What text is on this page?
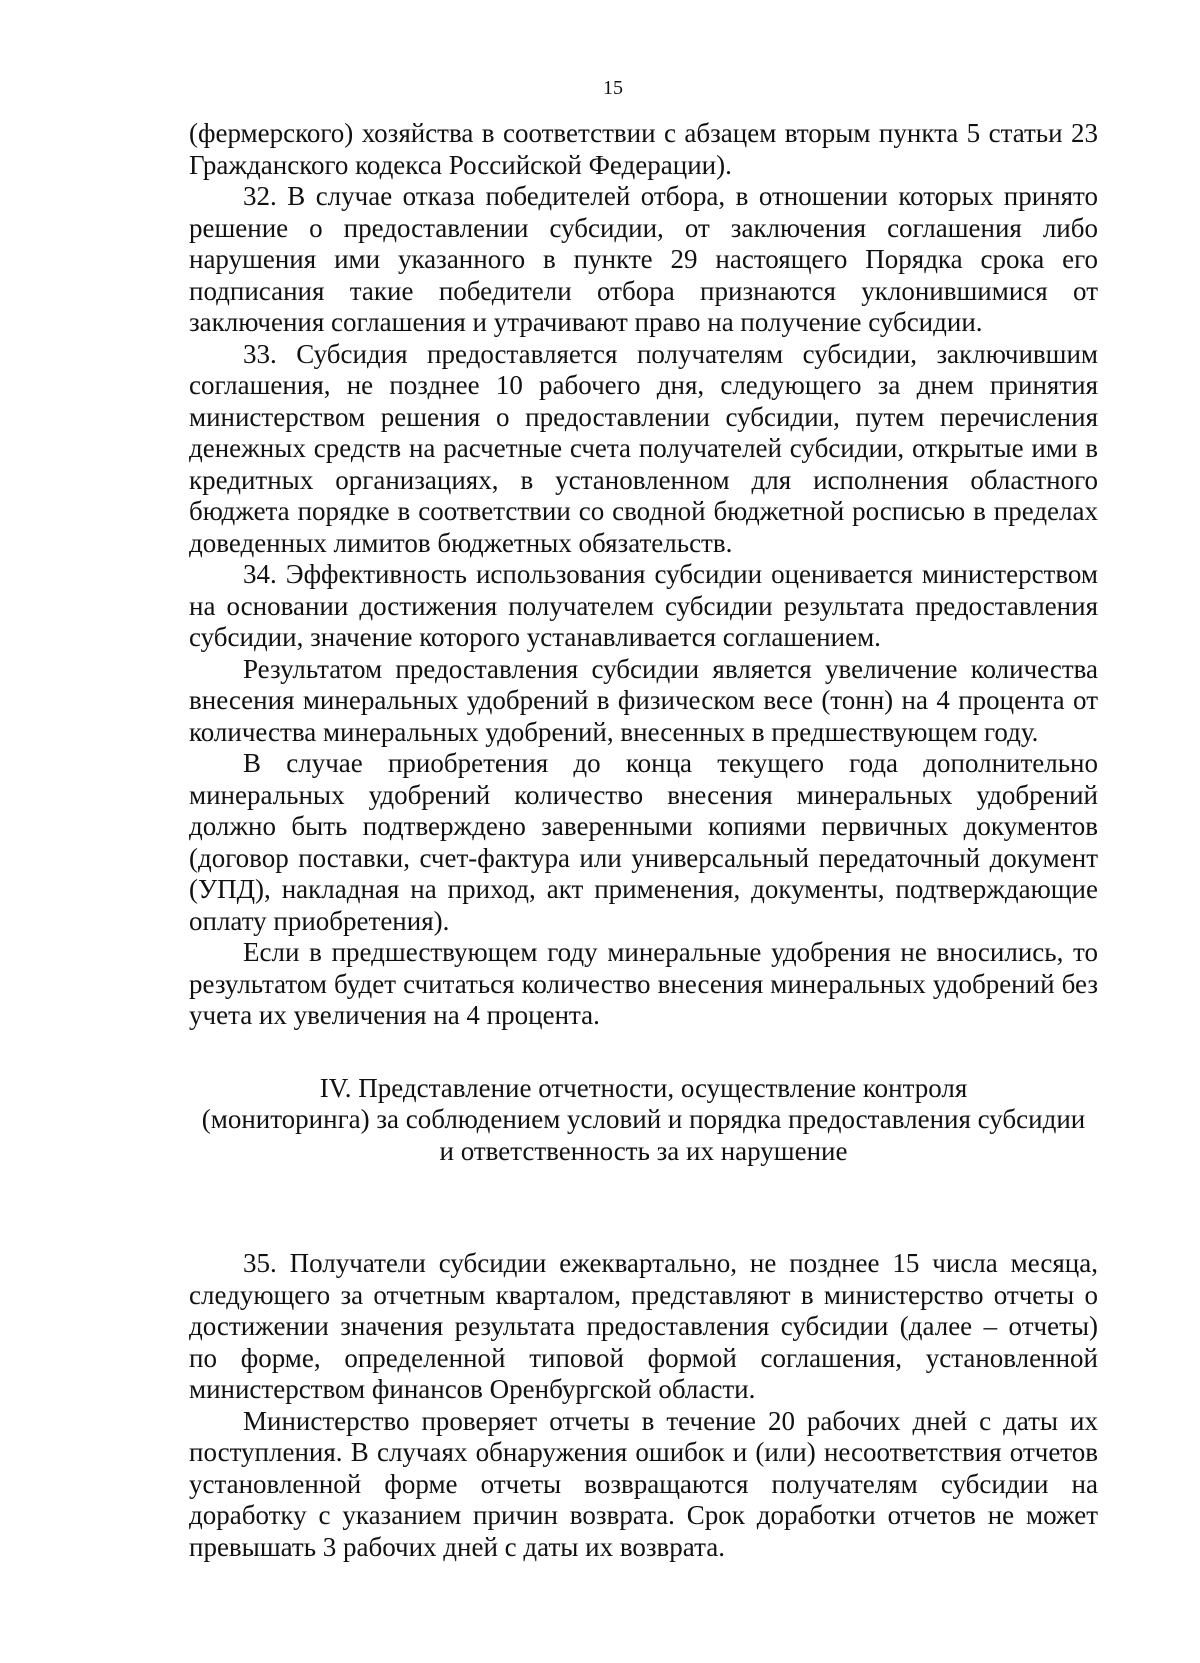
15

(фермерского) хозяйства в соответствии с абзацем вторым пункта 5 статьи 23 Гражданского кодекса Российской Федерации).

32. В случае отказа победителей отбора, в отношении которых принято решение о предоставлении субсидии, от заключения соглашения либо нарушения ими указанного в пункте 29 настоящего Порядка срока его подписания такие победители отбора признаются уклонившимися от заключения соглашения и утрачивают право на получение субсидии.

33. Субсидия предоставляется получателям субсидии, заключившим соглашения, не позднее 10 рабочего дня, следующего за днем принятия министерством решения о предоставлении субсидии, путем перечисления денежных средств на расчетные счета получателей субсидии, открытые ими в кредитных организациях, в установленном для исполнения областного бюджета порядке в соответствии со сводной бюджетной росписью в пределах доведенных лимитов бюджетных обязательств.

34. Эффективность использования субсидии оценивается министерством на основании достижения получателем субсидии результата предоставления субсидии, значение которого устанавливается соглашением.

Результатом предоставления субсидии является увеличение количества внесения минеральных удобрений в физическом весе (тонн) на 4 процента от количества минеральных удобрений, внесенных в предшествующем году.

В случае приобретения до конца текущего года дополнительно минеральных удобрений количество внесения минеральных удобрений должно быть подтверждено заверенными копиями первичных документов (договор поставки, счет-фактура или универсальный передаточный документ (УПД), накладная на приход, акт применения, документы, подтверждающие оплату приобретения).

Если в предшествующем году минеральные удобрения не вносились, то результатом будет считаться количество внесения минеральных удобрений без учета их увеличения на 4 процента.

IV. Представление отчетности, осуществление контроля
(мониторинга) за соблюдением условий и порядка предоставления субсидии
и ответственность за их нарушение

35. Получатели субсидии ежеквартально, не позднее 15 числа месяца, следующего за отчетным кварталом, представляют в министерство отчеты о достижении значения результата предоставления субсидии (далее – отчеты) по форме, определенной типовой формой соглашения, установленной министерством финансов Оренбургской области.

Министерство проверяет отчеты в течение 20 рабочих дней с даты их поступления. В случаях обнаружения ошибок и (или) несоответствия отчетов установленной форме отчеты возвращаются получателям субсидии на доработку с указанием причин возврата. Срок доработки отчетов не может превышать 3 рабочих дней с даты их возврата.
